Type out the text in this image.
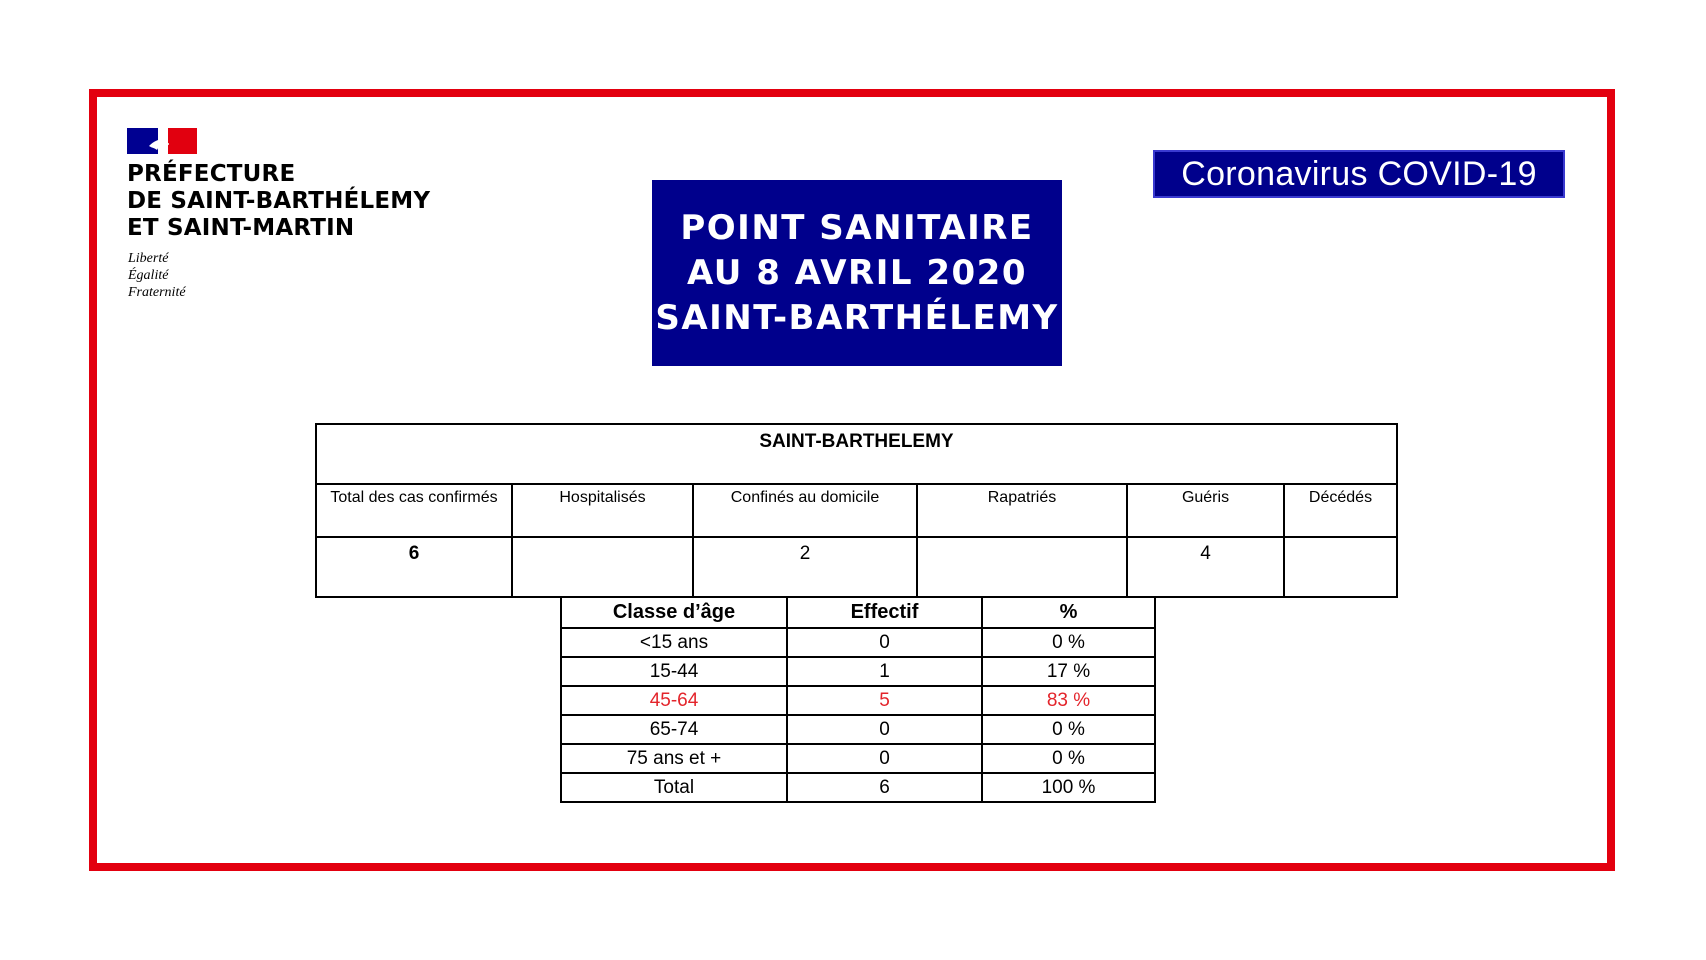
PRÉFECTURE
DE SAINT-BARTHÉLEMY
ET SAINT-MARTIN
Liberté
Égalité
Fraternité
POINT SANITAIRE
AU 8 AVRIL 2020
SAINT-BARTHÉLEMY
Coronavirus COVID-19
SAINT-BARTHELEMY					
Total des cas confirmés	Hospitalisés	Confinés au domicile	Rapatriés	Guéris	Décédés
6		2		4	
Classe d’âge	Effectif	%
<15 ans	0	0 %
15-44	1	17 %
45-64	5	83 %
65-74	0	0 %
75 ans et +	0	0 %
Total	6	100 %
